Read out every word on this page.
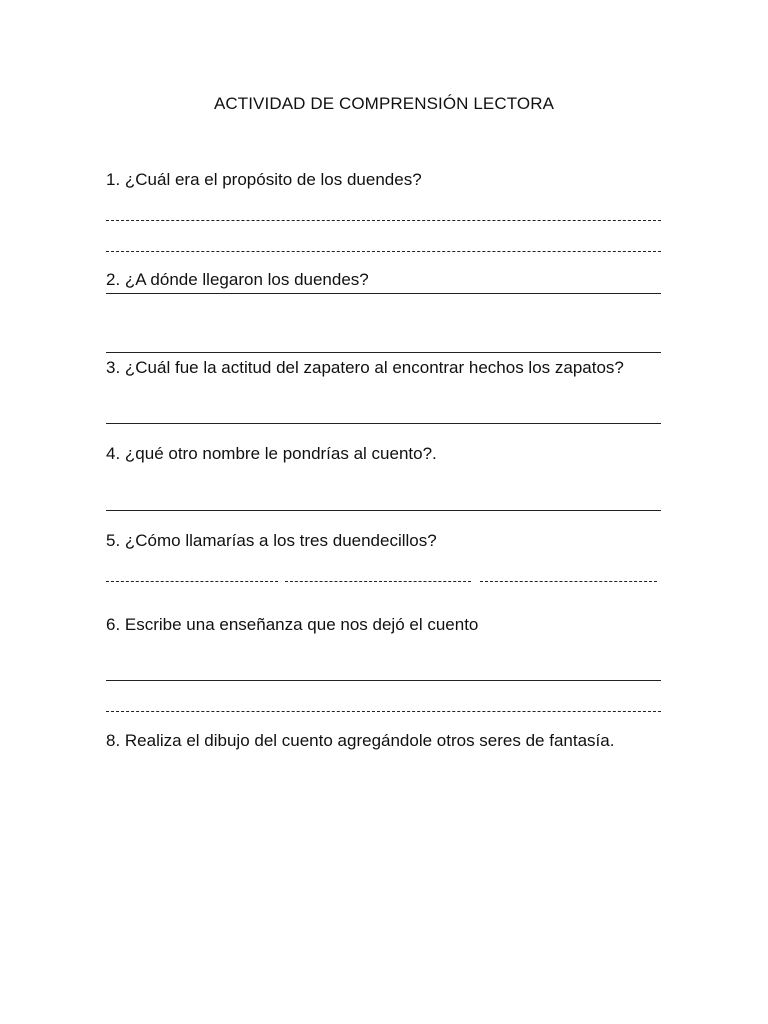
ACTIVIDAD DE COMPRENSIÓN LECTORA
1. ¿Cuál era el propósito de los duendes?
2. ¿A dónde llegaron los duendes?
3. ¿Cuál fue la actitud del zapatero al encontrar hechos los zapatos?
4. ¿qué otro nombre le pondrías al cuento?.
5. ¿Cómo llamarías a los tres duendecillos?
6. Escribe una enseñanza que nos dejó el cuento
8. Realiza el dibujo del cuento agregándole otros seres de fantasía.
